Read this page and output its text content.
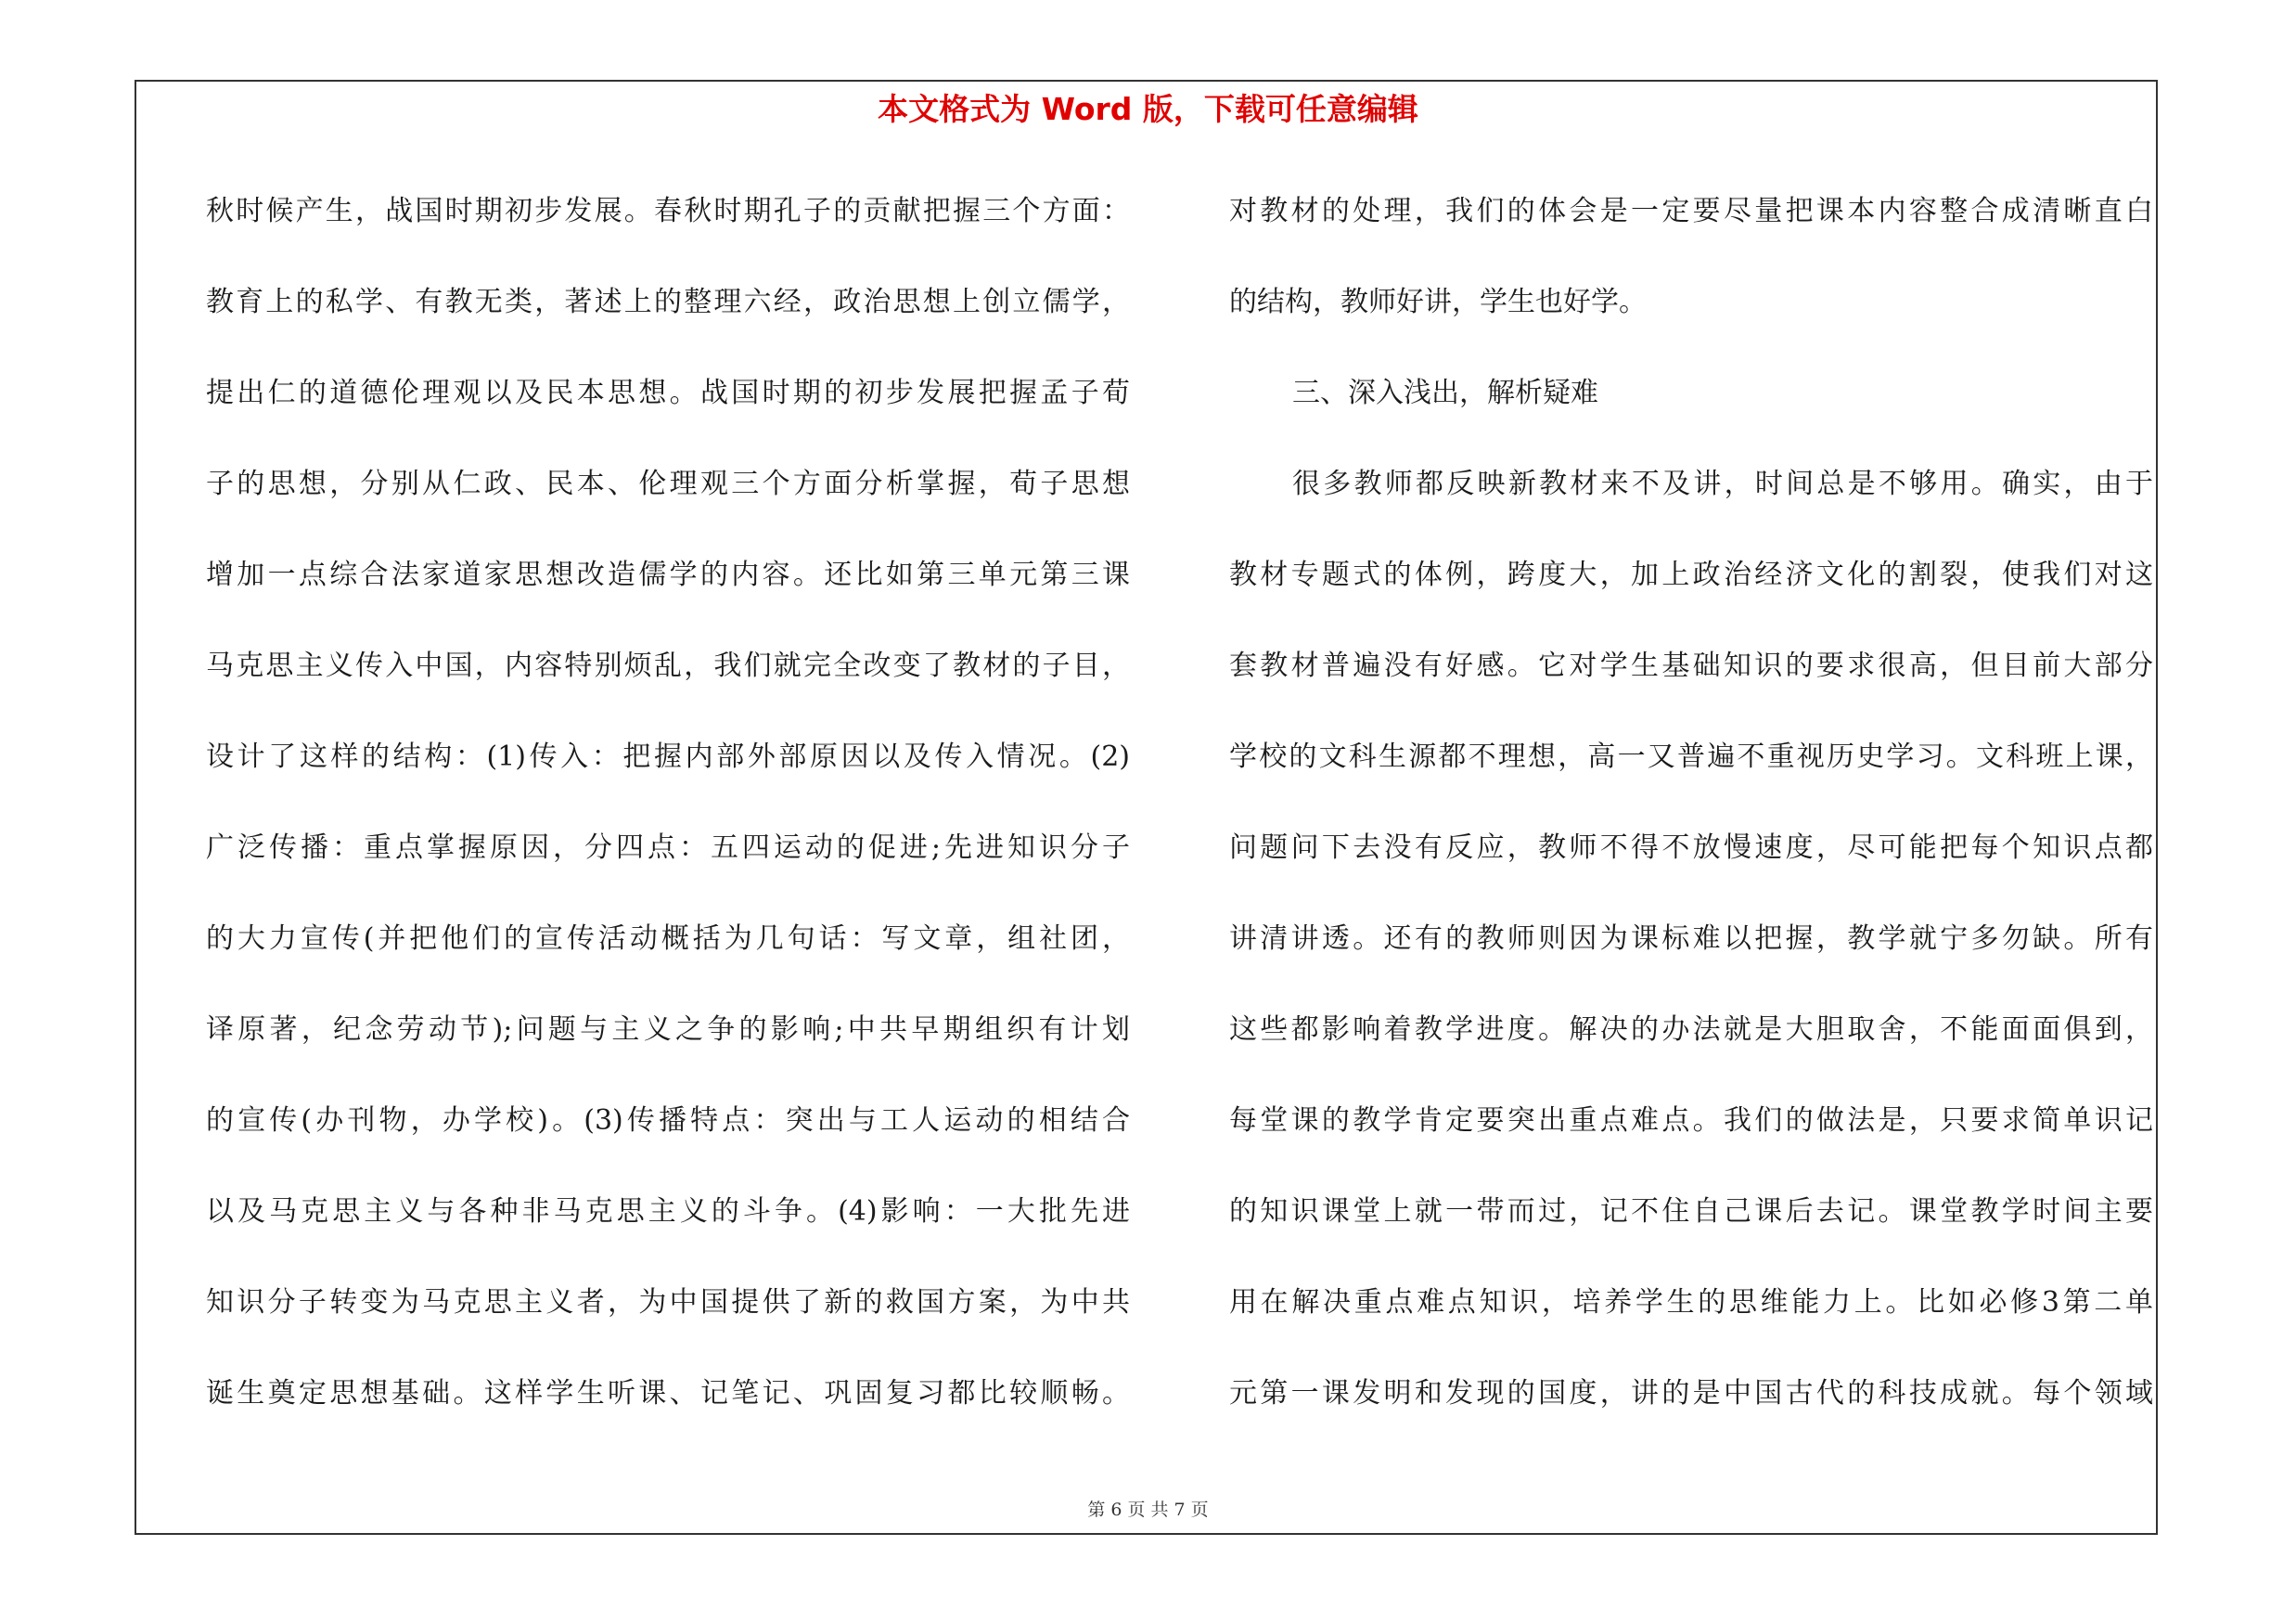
本文格式为 Word 版，下载可任意编辑
秋时候产生，战国时期初步发展。春秋时期孔子的贡献把握三个方面：
教育上的私学、有教无类，著述上的整理六经，政治思想上创立儒学，
提出仁的道德伦理观以及民本思想。战国时期的初步发展把握孟子荀
子的思想，分别从仁政、民本、伦理观三个方面分析掌握，荀子思想
增加一点综合法家道家思想改造儒学的内容。还比如第三单元第三课
马克思主义传入中国，内容特别烦乱，我们就完全改变了教材的子目，
设计了这样的结构：(1)传入：把握内部外部原因以及传入情况。(2)
广泛传播：重点掌握原因，分四点：五四运动的促进;先进知识分子
的大力宣传(并把他们的宣传活动概括为几句话：写文章，组社团，
译原著，纪念劳动节);问题与主义之争的影响;中共早期组织有计划
的宣传(办刊物，办学校)。(3)传播特点：突出与工人运动的相结合
以及马克思主义与各种非马克思主义的斗争。(4)影响：一大批先进
知识分子转变为马克思主义者，为中国提供了新的救国方案，为中共
诞生奠定思想基础。这样学生听课、记笔记、巩固复习都比较顺畅。
对教材的处理，我们的体会是一定要尽量把课本内容整合成清晰直白
的结构，教师好讲，学生也好学。
三、深入浅出，解析疑难
很多教师都反映新教材来不及讲，时间总是不够用。确实，由于
教材专题式的体例，跨度大，加上政治经济文化的割裂，使我们对这
套教材普遍没有好感。它对学生基础知识的要求很高，但目前大部分
学校的文科生源都不理想，高一又普遍不重视历史学习。文科班上课，
问题问下去没有反应，教师不得不放慢速度，尽可能把每个知识点都
讲清讲透。还有的教师则因为课标难以把握，教学就宁多勿缺。所有
这些都影响着教学进度。解决的办法就是大胆取舍，不能面面俱到，
每堂课的教学肯定要突出重点难点。我们的做法是，只要求简单识记
的知识课堂上就一带而过，记不住自己课后去记。课堂教学时间主要
用在解决重点难点知识，培养学生的思维能力上。比如必修3第二单
元第一课发明和发现的国度，讲的是中国古代的科技成就。每个领域
第 6 页 共 7 页
